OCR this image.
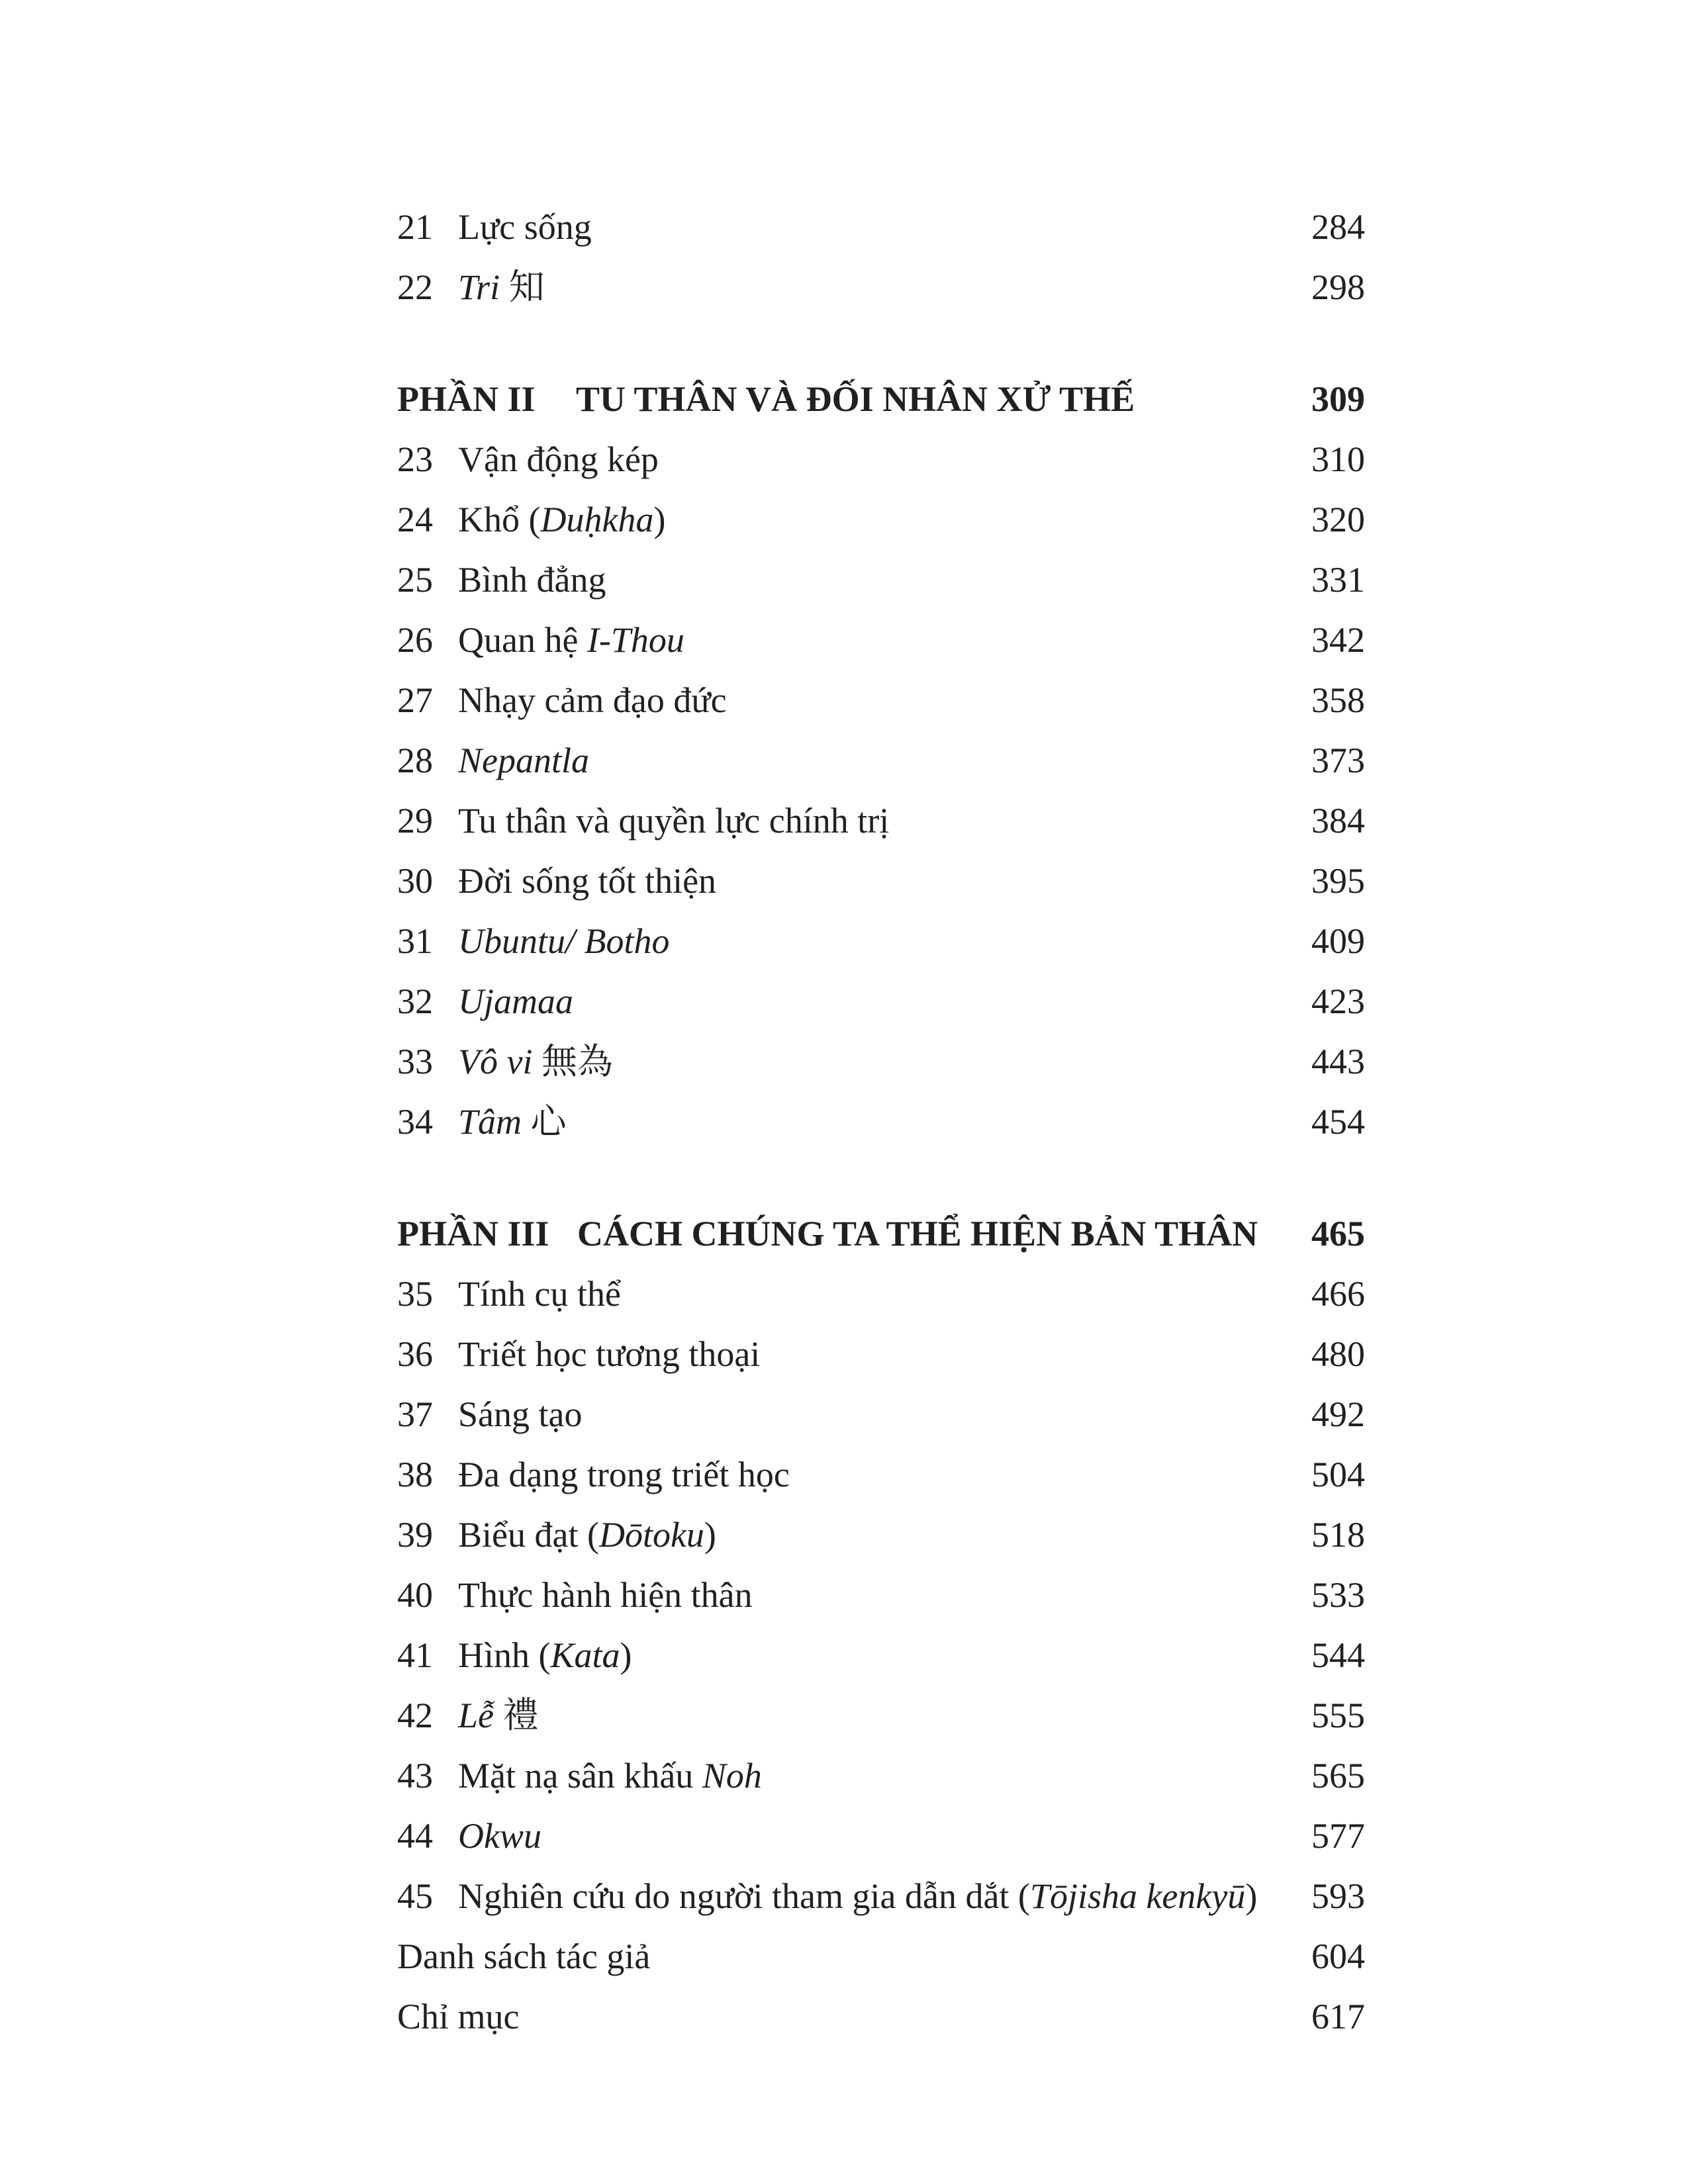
21 Lực sống	284
22 Tri 知	298
PHẦN II TU THÂN VÀ ĐỐI NHÂN XỬ THẾ	309
23 Vận động kép	310
24 Khổ (Duḥkha)	320
25 Bình đẳng	331
26 Quan hệ I-Thou	342
27 Nhạy cảm đạo đức	358
28 Nepantla	373
29 Tu thân và quyền lực chính trị	384
30 Đời sống tốt thiện	395
31 Ubuntu/ Botho	409
32 Ujamaa	423
33 Vô vi 無為	443
34 Tâm 心	454
PHẦN III CÁCH CHÚNG TA THỂ HIỆN BẢN THÂN	465
35 Tính cụ thể	466
36 Triết học tương thoại	480
37 Sáng tạo	492
38 Đa dạng trong triết học	504
39 Biểu đạt (Dōtoku)	518
40 Thực hành hiện thân	533
41 Hình (Kata)	544
42 Lễ 禮	555
43 Mặt nạ sân khấu Noh	565
44 Okwu	577
45 Nghiên cứu do người tham gia dẫn dắt (Tōjisha kenkyū)	593
Danh sách tác giả	604
Chỉ mục	617
